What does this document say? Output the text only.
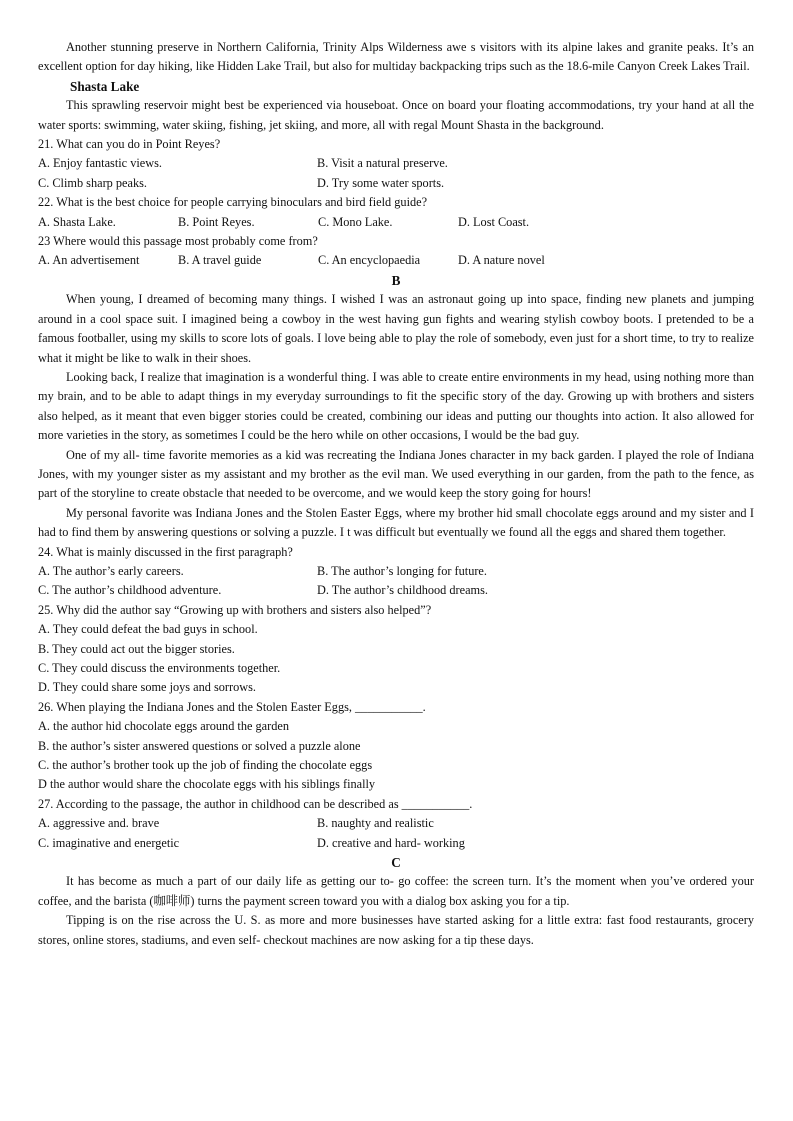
Another stunning preserve in Northern California, Trinity Alps Wilderness awe s visitors with its alpine lakes and granite peaks. It’s an excellent option for day hiking, like Hidden Lake Trail, but also for multiday backpacking trips such as the 18.6-mile Canyon Creek Lakes Trail.

Shasta Lake

This sprawling reservoir might best be experienced via houseboat. Once on board your floating accommodations, try your hand at all the water sports: swimming, water skiing, fishing, jet skiing, and more, all with regal Mount Shasta in the background.

21. What can you do in Point Reyes?

A. Enjoy fantastic views.	B. Visit a natural preserve.
C. Climb sharp peaks.	D. Try some water sports.

22. What is the best choice for people carrying binoculars and bird field guide?

A. Shasta Lake.	B. Point Reyes.	C. Mono Lake.	D. Lost Coast.

23 Where would this passage most probably come from?

A. An advertisement	B. A travel guide	C. An encyclopaedia	D. A nature novel

B

When young, I dreamed of becoming many things. I wished I was an astronaut going up into space, finding new planets and jumping around in a cool space suit. I imagined being a cowboy in the west having gun fights and wearing stylish cowboy boots. I pretended to be a famous footballer, using my skills to score lots of goals. I love being able to play the role of somebody, even just for a short time, to try to realize what it might be like to walk in their shoes.

Looking back, I realize that imagination is a wonderful thing. I was able to create entire environments in my head, using nothing more than my brain, and to be able to adapt things in my everyday surroundings to fit the specific story of the day. Growing up with brothers and sisters also helped, as it meant that even bigger stories could be created, combining our ideas and putting our thoughts into action. It also allowed for more varieties in the story, as sometimes I could be the hero while on other occasions, I would be the bad guy.

One of my all- time favorite memories as a kid was recreating the Indiana Jones character in my back garden. I played the role of Indiana Jones, with my younger sister as my assistant and my brother as the evil man. We used everything in our garden, from the path to the fence, as part of the storyline to create obstacle that needed to be overcome, and we would keep the story going for hours!

My personal favorite was Indiana Jones and the Stolen Easter Eggs, where my brother hid small chocolate eggs around and my sister and I had to find them by answering questions or solving a puzzle. I t was difficult but eventually we found all the eggs and shared them together.

24. What is mainly discussed in the first paragraph?

A. The author’s early careers.	B. The author’s longing for future.
C. The author’s childhood adventure.	D. The author’s childhood dreams.

25. Why did the author say “Growing up with brothers and sisters also helped”?

A. They could defeat the bad guys in school.

B. They could act out the bigger stories.

C. They could discuss the environments together.

D. They could share some joys and sorrows.

26. When playing the Indiana Jones and the Stolen Easter Eggs, ___________.

A. the author hid chocolate eggs around the garden

B. the author’s sister answered questions or solved a puzzle alone

C. the author’s brother took up the job of finding the chocolate eggs

D the author would share the chocolate eggs with his siblings finally

27. According to the passage, the author in childhood can be described as ___________.

A. aggressive and. brave	B. naughty and realistic
C. imaginative and energetic	D. creative and hard- working

C

It has become as much a part of our daily life as getting our to- go coffee: the screen turn. It’s the moment when you’ve ordered your coffee, and the barista (咖啡师) turns the payment screen toward you with a dialog box asking you for a tip.

Tipping is on the rise across the U. S. as more and more businesses have started asking for a little extra: fast food restaurants, grocery stores, online stores, stadiums, and even self- checkout machines are now asking for a tip these days.
